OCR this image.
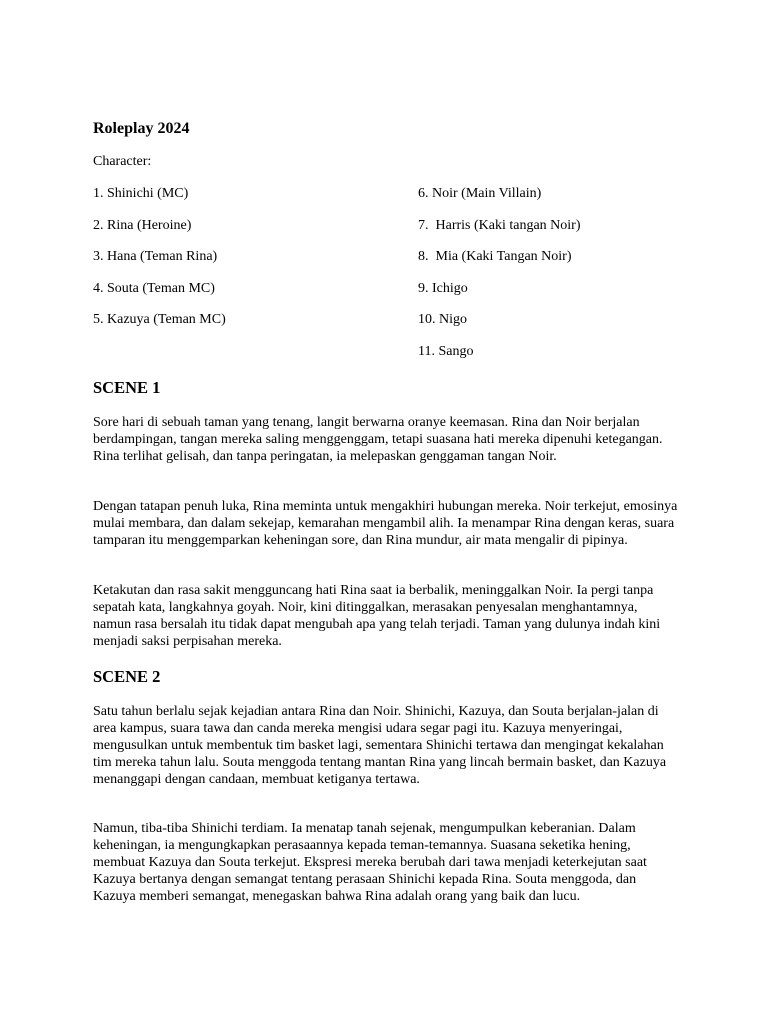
Roleplay 2024

Character:

1. Shinichi (MC)
2. Rina (Heroine)
3. Hana (Teman Rina)
4. Souta (Teman MC)
5. Kazuya (Teman MC)
6. Noir (Main Villain)
7.  Harris (Kaki tangan Noir)
8.  Mia (Kaki Tangan Noir)
9. Ichigo
10. Nigo
11. Sango
SCENE 1

Sore hari di sebuah taman yang tenang, langit berwarna oranye keemasan. Rina dan Noir berjalan berdampingan, tangan mereka saling menggenggam, tetapi suasana hati mereka dipenuhi ketegangan. Rina terlihat gelisah, dan tanpa peringatan, ia melepaskan genggaman tangan Noir.

Dengan tatapan penuh luka, Rina meminta untuk mengakhiri hubungan mereka. Noir terkejut, emosinya mulai membara, dan dalam sekejap, kemarahan mengambil alih. Ia menampar Rina dengan keras, suara tamparan itu menggemparkan keheningan sore, dan Rina mundur, air mata mengalir di pipinya.

Ketakutan dan rasa sakit mengguncang hati Rina saat ia berbalik, meninggalkan Noir. Ia pergi tanpa sepatah kata, langkahnya goyah. Noir, kini ditinggalkan, merasakan penyesalan menghantamnya, namun rasa bersalah itu tidak dapat mengubah apa yang telah terjadi. Taman yang dulunya indah kini menjadi saksi perpisahan mereka.

SCENE 2

Satu tahun berlalu sejak kejadian antara Rina dan Noir. Shinichi, Kazuya, dan Souta berjalan-jalan di area kampus, suara tawa dan canda mereka mengisi udara segar pagi itu. Kazuya menyeringai, mengusulkan untuk membentuk tim basket lagi, sementara Shinichi tertawa dan mengingat kekalahan tim mereka tahun lalu. Souta menggoda tentang mantan Rina yang lincah bermain basket, dan Kazuya menanggapi dengan candaan, membuat ketiganya tertawa.

Namun, tiba-tiba Shinichi terdiam. Ia menatap tanah sejenak, mengumpulkan keberanian. Dalam keheningan, ia mengungkapkan perasaannya kepada teman-temannya. Suasana seketika hening, membuat Kazuya dan Souta terkejut. Ekspresi mereka berubah dari tawa menjadi keterkejutan saat Kazuya bertanya dengan semangat tentang perasaan Shinichi kepada Rina. Souta menggoda, dan Kazuya memberi semangat, menegaskan bahwa Rina adalah orang yang baik dan lucu.
